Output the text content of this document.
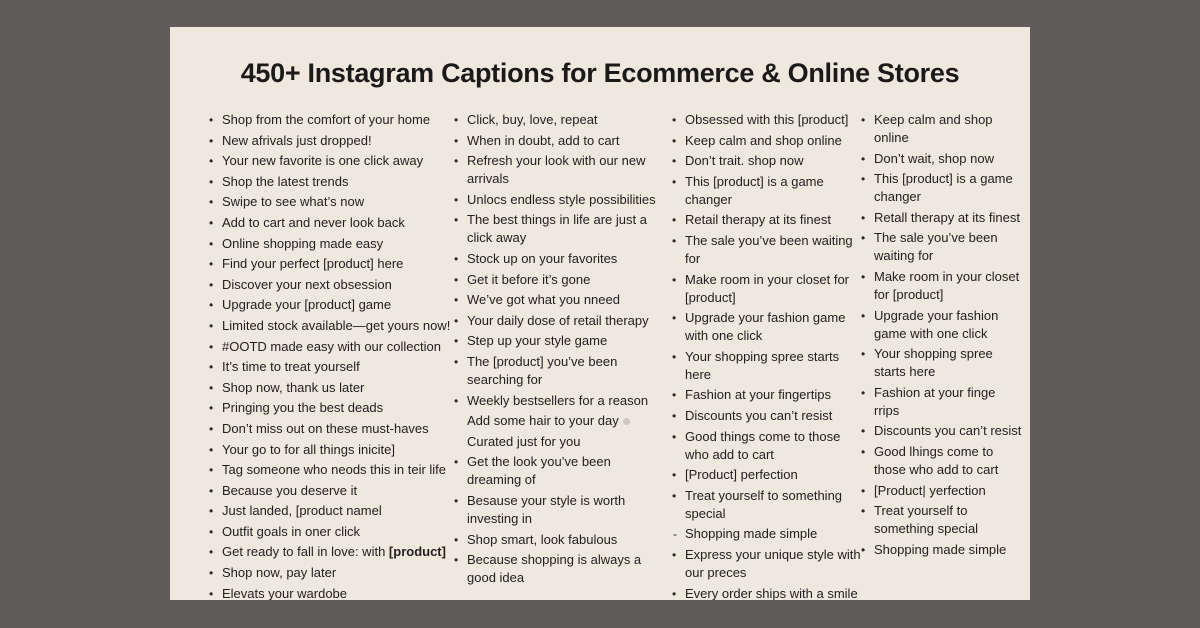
450+ Instagram Captions for Ecommerce & Online Stores
• Shop from the comfort of your home
• New afrivals just dropped!
• Your new favorite is one click away
• Shop the latest trends
• Swipe to see what’s now
• Add to cart and never look back
• Online shopping made easy
• Find your perfect [product] here
• Discover your next obsession
• Upgrade your [product] game
• Limited stock available—get yours now!
• #OOTD made easy with our collection
• It’s time to treat yourself
• Shop now, thank us later
• Pringing you the best deads
• Don’t miss out on these must-haves
• Your go to for all things inicite]
• Tag someone who neods this in teir life
• Because you deserve it
• Just landed, [product namel
• Outfit goals in oner click
• Get ready to fall in love: with [product]
• Shop now, pay later
• Elevats your wardobe
• Click, buy, love, repeat
• When in doubt, add to cart
• Refresh your look with our new arrivals
• Unlocs endless style possibilities
• The best things in life are just a click away
• Stock up on your favorites
• Get it before it’s gone
• We’ve got what you nneed
• Your daily dose of retail therapy
• Step up your style game
• The [product] you’ve been searching for
• Weekly bestsellers for a reason
Add some hair to your day
Curated just for you
• Get the look you’ve been dreaming of
• Besause your style is worth investing in
• Shop smart, look fabulous
• Because shopping is always a good idea
• Obsessed with this [product]
• Keep calm and shop online
• Don’t trait. shop now
• This [product] is a game changer
• Retail therapy at its finest
• The sale you’ve been waiting for
• Make room in your closet for [product]
• Upgrade your fashion game with one click
• Your shopping spree starts here
• Fashion at your fingertips
• Discounts you can’t resist
• Good things come to those who add to cart
• [Product] perfection
• Treat yourself to something special
- Shopping made simple
• Express your unique style with our preces
• Every order ships with a smile
• Keep calm and shop online
• Don’t wait, shop now
• This [product] is a game changer
• Retall therapy at its finest
• The sale you’ve been waiting for
• Make room in your closet for [product]
• Upgrade your fashion game with one click
• Your shopping spree starts here
• Fashion at your finge rrips
• Discounts you can’t resist
• Good lhings come to those who add to cart
• [Product| yerfection
• Treat yourself to something special
• Shopping made simple
